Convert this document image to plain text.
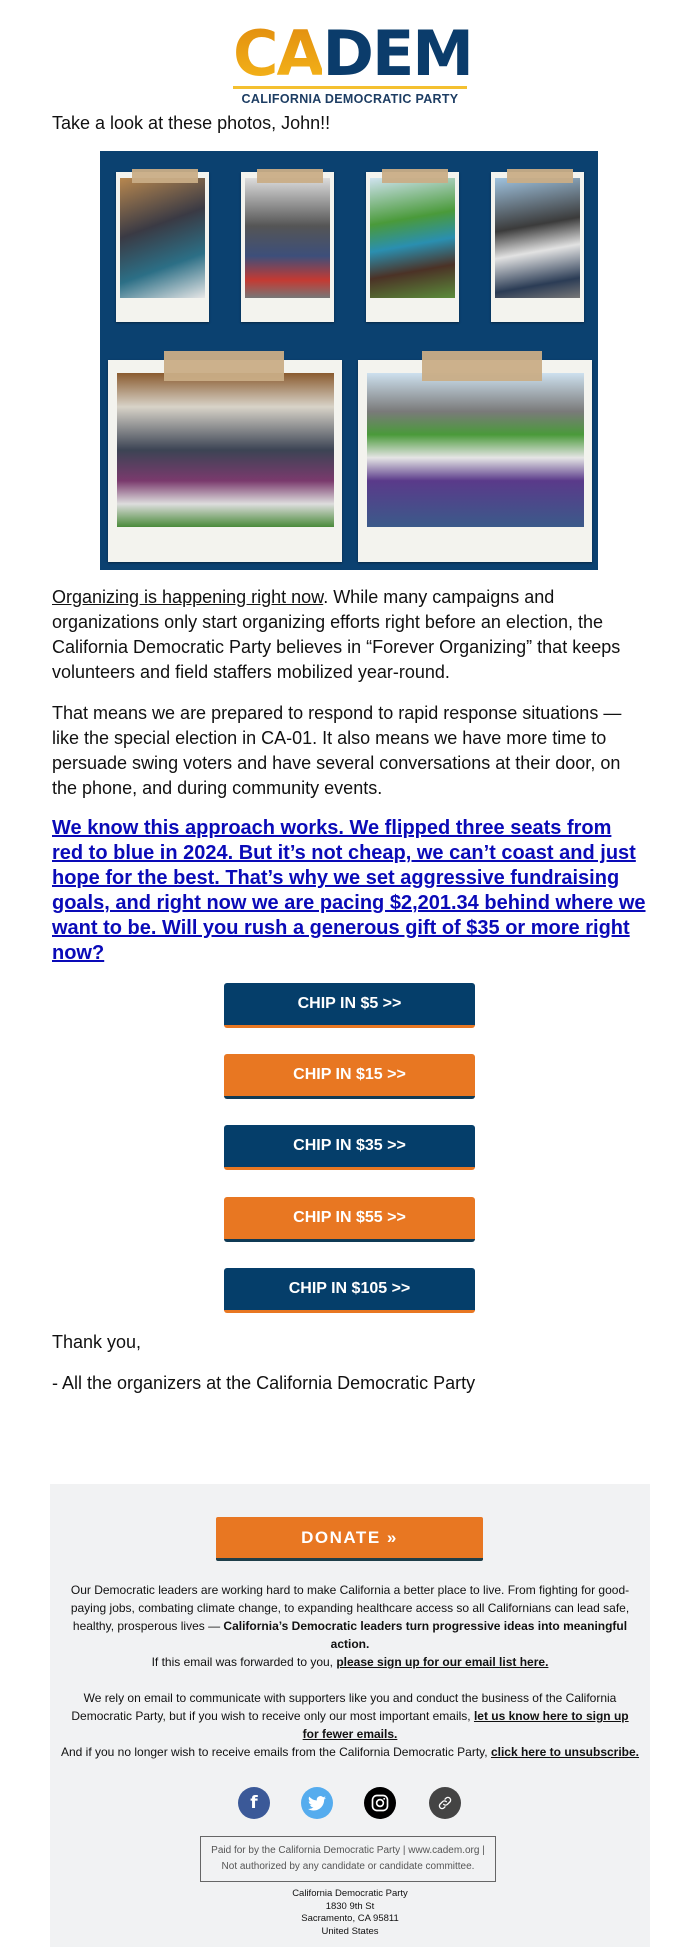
CADEM
CALIFORNIA DEMOCRATIC PARTY
Take a look at these photos, John!!
Organizing is happening right now. While many campaigns and organizations only start organizing efforts right before an election, the California Democratic Party believes in “Forever Organizing” that keeps volunteers and field staffers mobilized year-round.
That means we are prepared to respond to rapid response situations — like the special election in CA-01. It also means we have more time to persuade swing voters and have several conversations at their door, on the phone, and during community events.
We know this approach works. We flipped three seats from red to blue in 2024. But it’s not cheap, we can’t coast and just hope for the best. That’s why we set aggressive fundraising goals, and right now we are pacing $2,201.34 behind where we want to be. Will you rush a generous gift of $35 or more right now?
CHIP IN $5 >>
CHIP IN $15 >>
CHIP IN $35 >>
CHIP IN $55 >>
CHIP IN $105 >>
Thank you,
- All the organizers at the California Democratic Party
DONATE »
Our Democratic leaders are working hard to make California a better place to live. From fighting for good-paying jobs, combating climate change, to expanding healthcare access so all Californians can lead safe, healthy, prosperous lives — California’s Democratic leaders turn progressive ideas into meaningful action.
If this email was forwarded to you, please sign up for our email list here.
We rely on email to communicate with supporters like you and conduct the business of the California Democratic Party, but if you wish to receive only our most important emails, let us know here to sign up for fewer emails.
And if you no longer wish to receive emails from the California Democratic Party, click here to unsubscribe.
f
Paid for by the California Democratic Party | www.cadem.org |
Not authorized by any candidate or candidate committee.
California Democratic Party
1830 9th St
Sacramento, CA 95811
United States
